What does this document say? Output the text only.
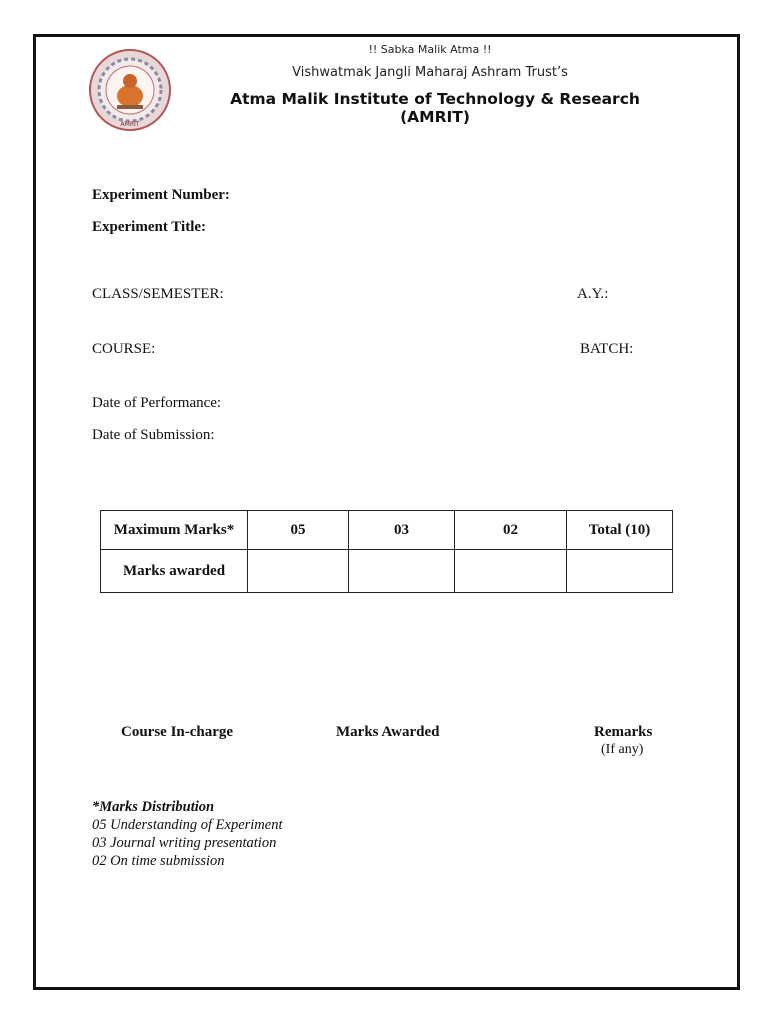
AMRIT
!! Sabka Malik Atma !!
Vishwatmak Jangli Maharaj Ashram Trust’s
Atma Malik Institute of Technology & Research (AMRIT)
Experiment Number:
Experiment Title:
CLASS/SEMESTER:	A.Y.:
COURSE:	BATCH:
Date of Performance:
Date of Submission:
Maximum Marks*	05	03	02	Total (10)
Marks awarded				
Course In-charge	Marks Awarded	Remarks
(If any)
*Marks Distribution
05 Understanding of Experiment
03 Journal writing presentation
02 On time submission
